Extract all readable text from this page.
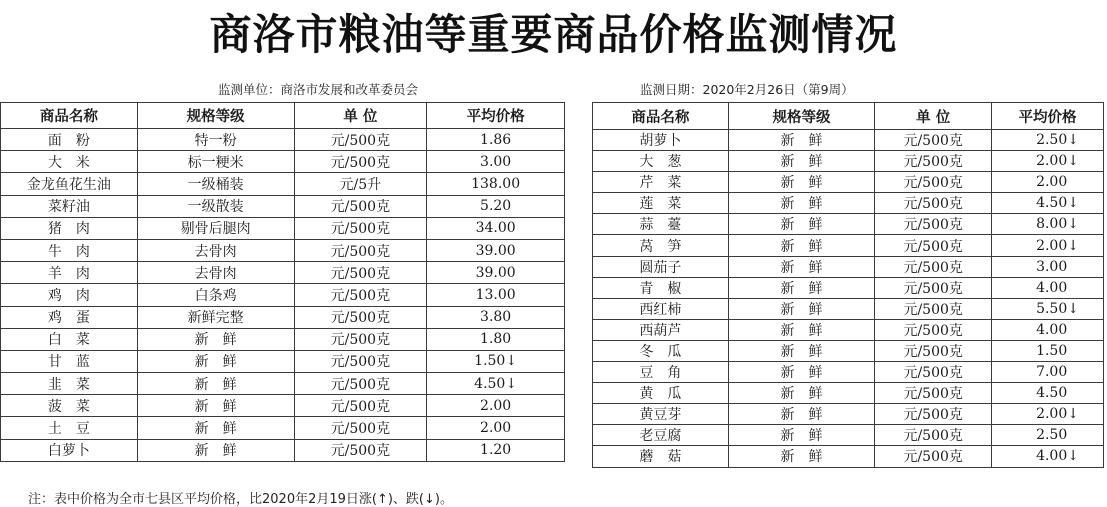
商洛市粮油等重要商品价格监测情况
监测单位：商洛市发展和改革委员会	监测日期：2020年2月26日（第9周）
商品名称	规格等级	单 位	平均价格
面　粉	特一粉	元/500克	1.86
大　米	标一粳米	元/500克	3.00
金龙鱼花生油	一级桶装	元/5升	138.00
菜籽油	一级散装	元/500克	5.20
猪　肉	剔骨后腿肉	元/500克	34.00
牛　肉	去骨肉	元/500克	39.00
羊　肉	去骨肉	元/500克	39.00
鸡　肉	白条鸡	元/500克	13.00
鸡　蛋	新鲜完整	元/500克	3.80
白　菜	新　鲜	元/500克	1.80
甘　蓝	新　鲜	元/500克	1.50↓
韭　菜	新　鲜	元/500克	4.50↓
菠　菜	新　鲜	元/500克	2.00
土　豆	新　鲜	元/500克	2.00
白萝卜	新　鲜	元/500克	1.20
商品名称	规格等级	单 位	平均价格
胡萝卜	新　鲜	元/500克	2.50↓
大　葱	新　鲜	元/500克	2.00↓
芹　菜	新　鲜	元/500克	2.00
莲　菜	新　鲜	元/500克	4.50↓
蒜　薹	新　鲜	元/500克	8.00↓
莴　笋	新　鲜	元/500克	2.00↓
圆茄子	新　鲜	元/500克	3.00
青　椒	新　鲜	元/500克	4.00
西红柿	新　鲜	元/500克	5.50↓
西葫芦	新　鲜	元/500克	4.00
冬　瓜	新　鲜	元/500克	1.50
豆　角	新　鲜	元/500克	7.00
黄　瓜	新　鲜	元/500克	4.50
黄豆芽	新　鲜	元/500克	2.00↓
老豆腐	新　鲜	元/500克	2.50
蘑　菇	新　鲜	元/500克	4.00↓
注：表中价格为全市七县区平均价格，比2020年2月19日涨(↑)、跌(↓)。
